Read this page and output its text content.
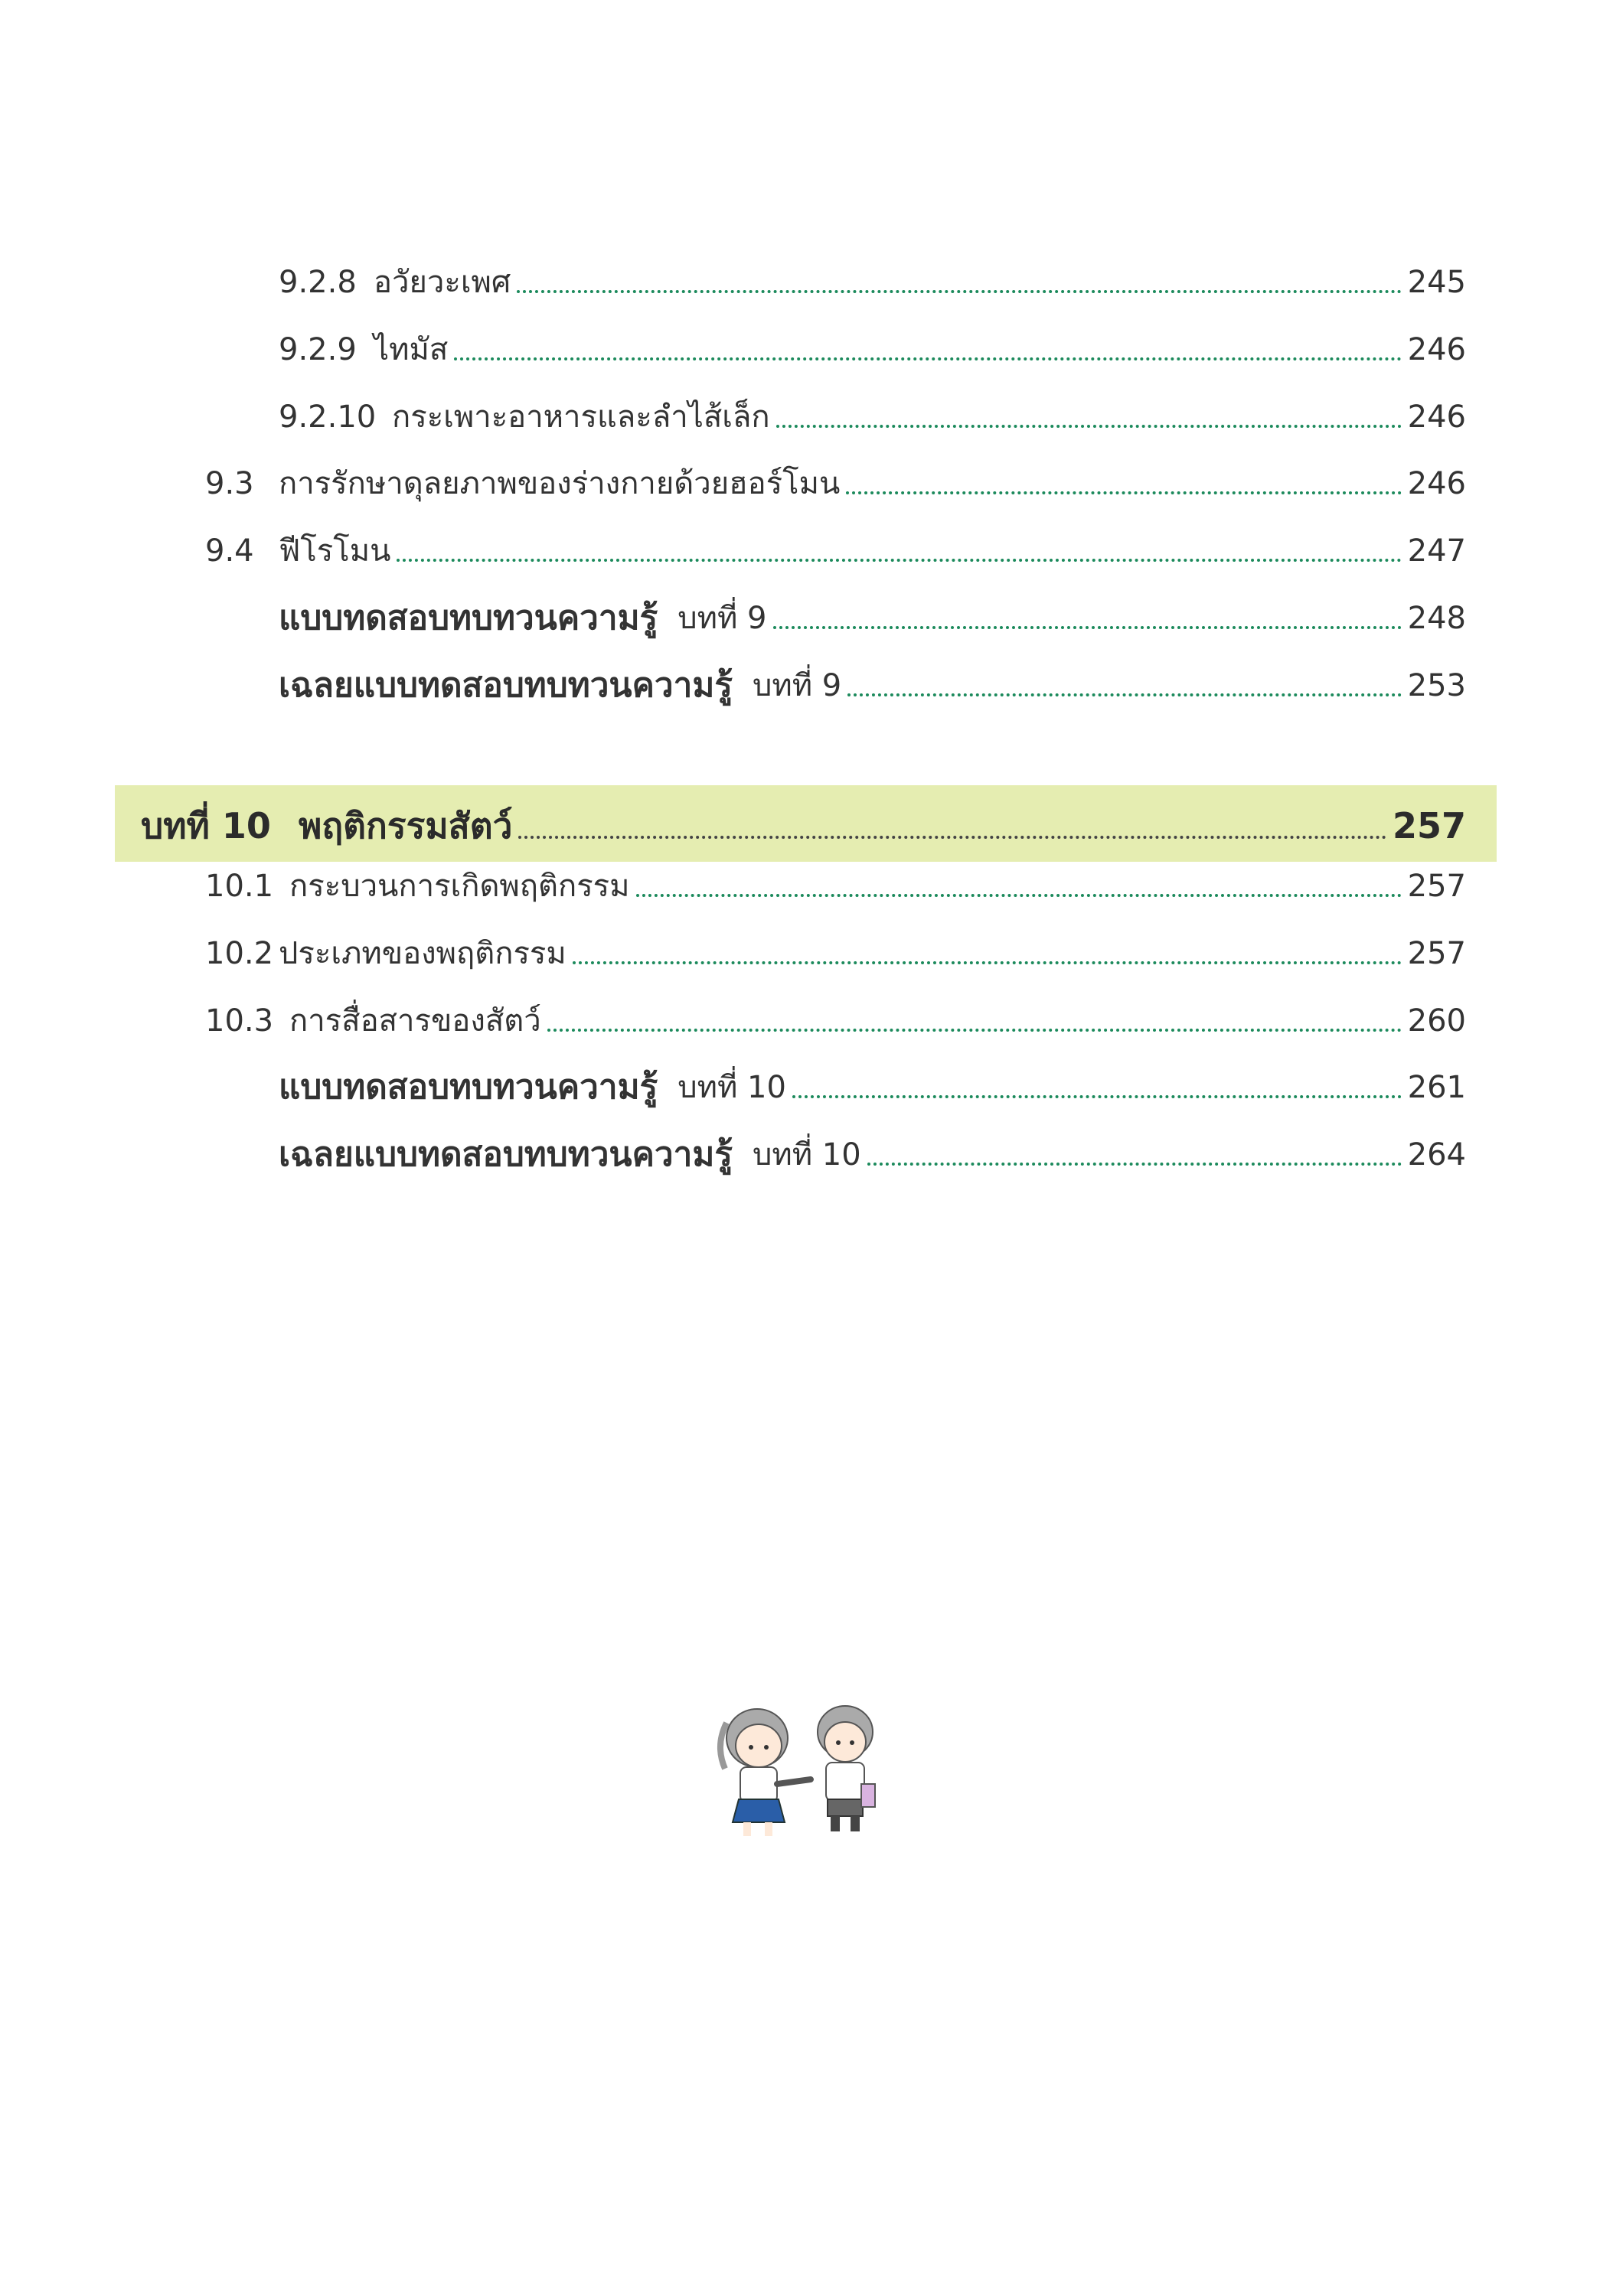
9.2.8 อวัยวะเพศ	245
9.2.9 ไทมัส	246
9.2.10 กระเพาะอาหารและลำไส้เล็ก	246
9.3 การรักษาดุลยภาพของร่างกายด้วยฮอร์โมน	246
9.4 ฟีโรโมน	247
แบบทดสอบทบทวนความรู้ บทที่ 9	248
เฉลยแบบทดสอบทบทวนความรู้ บทที่ 9	253
บทที่ 10 พฤติกรรมสัตว์	257
10.1 กระบวนการเกิดพฤติกรรม	257
10.2 ประเภทของพฤติกรรม	257
10.3 การสื่อสารของสัตว์	260
แบบทดสอบทบทวนความรู้ บทที่ 10	261
เฉลยแบบทดสอบทบทวนความรู้ บทที่ 10	264
